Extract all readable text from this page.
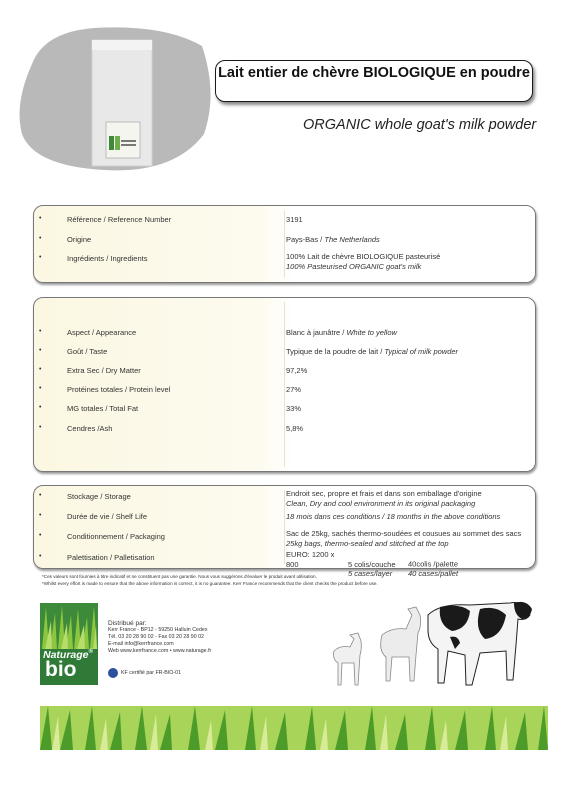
Lait entier de chèvre BIOLOGIQUE en poudre
ORGANIC whole goat's milk powder
•	Référence / Reference Number	3191
•	Origine	Pays-Bas / The Netherlands
•	Ingrédients / Ingredients	100% Lait de chèvre BIOLOGIQUE pasteurisé
100% Pasteurised ORGANIC goat's milk
•	Aspect / Appearance	Blanc à jaunâtre / White to yellow
•	Goût / Taste	Typique de la poudre de lait / Typical of milk powder
•	Extra Sec / Dry Matter	97,2%
•	Protéines totales / Protein level	27%
•	MG totales / Total Fat	33%
•	Cendres /Ash	5,8%
•	Stockage / Storage	Endroit sec, propre et frais et dans son emballage d'origine
Clean, Dry and cool environment in its original packaging
•	Durée de vie / Shelf Life	18 mois dans ces conditions / 18 months in the above conditions
•	Conditionnement / Packaging	Sac de 25kg, sachés thermo-soudées et cousues au sommet des sacs
25kg bags, thermo-sealed and stitched at the top
•	Palettisation / Palletisation	EURO: 1200 x 800	5 colis/couche 40colis /palette
5 cases/layer 40 cases/pallet
*Ces valeurs sont fournies à titre indicatif et ne constituent pas une garantie. Nous vous suggérons d'évaluer le produit avant utilisation.
*Whilst every effort is made to ensure that the above information is correct, it is no guarantee. Kerr France recommends that the client checks the product before use.
Naturage®
bio
Distribué par:
Kerr France - BP12 - 59250 Halluin Cedex
Tél. 03 20 28 90 02 - Fax 03 20 28 90 02
E-mail info@kerrfrance.com
Web www.kerrfrance.com • www.naturage.fr
KF certifié par FR-BIO-01
